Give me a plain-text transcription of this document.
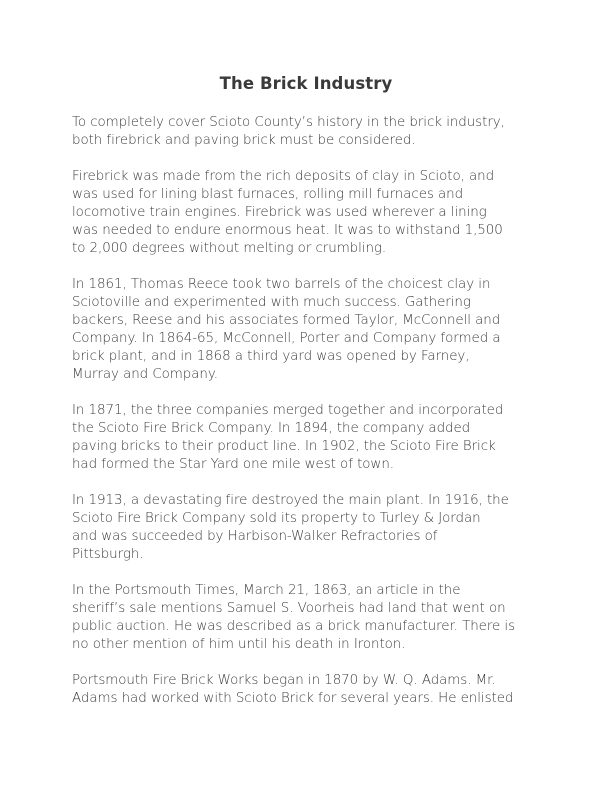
The Brick Industry

To completely cover Scioto County’s history in the brick industry,
both firebrick and paving brick must be considered.

Firebrick was made from the rich deposits of clay in Scioto, and
was used for lining blast furnaces, rolling mill furnaces and
locomotive train engines. Firebrick was used wherever a lining
was needed to endure enormous heat. It was to withstand 1,500
to 2,000 degrees without melting or crumbling.

In 1861, Thomas Reece took two barrels of the choicest clay in
Sciotoville and experimented with much success. Gathering
backers, Reese and his associates formed Taylor, McConnell and
Company. In 1864-65, McConnell, Porter and Company formed a
brick plant, and in 1868 a third yard was opened by Farney,
Murray and Company.

In 1871, the three companies merged together and incorporated
the Scioto Fire Brick Company. In 1894, the company added
paving bricks to their product line. In 1902, the Scioto Fire Brick
had formed the Star Yard one mile west of town.

In 1913, a devastating fire destroyed the main plant. In 1916, the
Scioto Fire Brick Company sold its property to Turley & Jordan
and was succeeded by Harbison-Walker Refractories of
Pittsburgh.

In the Portsmouth Times, March 21, 1863, an article in the
sheriff’s sale mentions Samuel S. Voorheis had land that went on
public auction. He was described as a brick manufacturer. There is
no other mention of him until his death in Ironton.

Portsmouth Fire Brick Works began in 1870 by W. Q. Adams. Mr.
Adams had worked with Scioto Brick for several years. He enlisted
